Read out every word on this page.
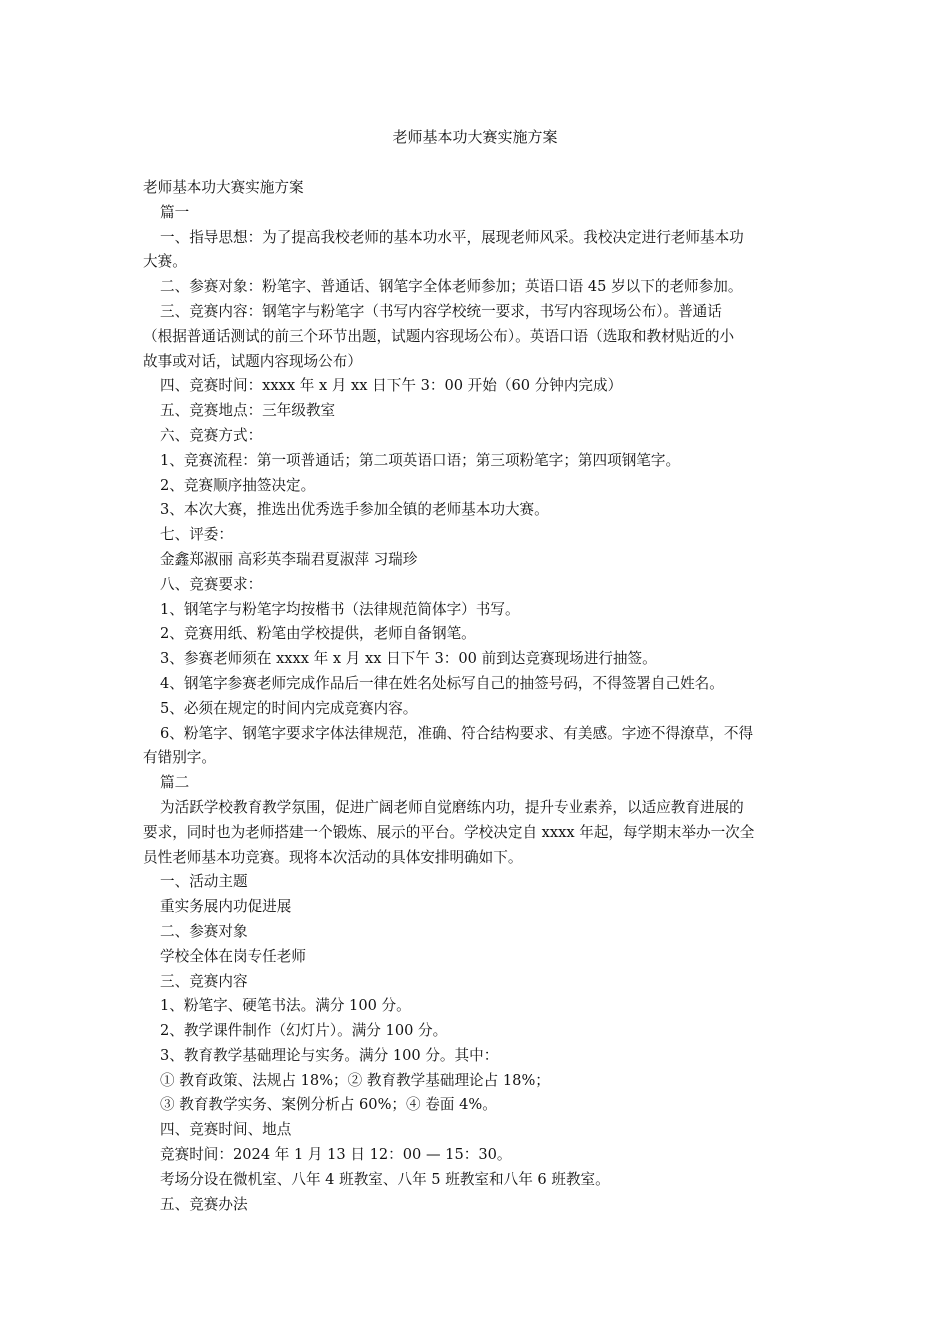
老师基本功大赛实施方案
老师基本功大赛实施方案
篇一
一、指导思想：为了提高我校老师的基本功水平，展现老师风采。我校决定进行老师基本功
大赛。
二、参赛对象：粉笔字、普通话、钢笔字全体老师参加；英语口语 45 岁以下的老师参加。
三、竞赛内容：钢笔字与粉笔字（书写内容学校统一要求，书写内容现场公布）。普通话
（根据普通话测试的前三个环节出题，试题内容现场公布）。英语口语（选取和教材贴近的小
故事或对话，试题内容现场公布）
四、竞赛时间：xxxx 年 x 月 xx 日下午 3：00 开始（60 分钟内完成）
五、竞赛地点：三年级教室
六、竞赛方式：
1、竞赛流程：第一项普通话；第二项英语口语；第三项粉笔字；第四项钢笔字。
2、竞赛顺序抽签决定。
3、本次大赛，推选出优秀选手参加全镇的老师基本功大赛。
七、评委：
金鑫郑淑丽 高彩英李瑞君夏淑萍 习瑞珍
八、竞赛要求：
1、钢笔字与粉笔字均按楷书（法律规范简体字）书写。
2、竞赛用纸、粉笔由学校提供，老师自备钢笔。
3、参赛老师须在 xxxx 年 x 月 xx 日下午 3：00 前到达竞赛现场进行抽签。
4、钢笔字参赛老师完成作品后一律在姓名处标写自己的抽签号码，不得签署自己姓名。
5、必须在规定的时间内完成竞赛内容。
6、粉笔字、钢笔字要求字体法律规范，准确、符合结构要求、有美感。字迹不得潦草，不得
有错别字。
篇二
为活跃学校教育教学氛围，促进广阔老师自觉磨练内功，提升专业素养，以适应教育进展的
要求，同时也为老师搭建一个锻炼、展示的平台。学校决定自 xxxx 年起，每学期末举办一次全
员性老师基本功竞赛。现将本次活动的具体安排明确如下。
一、活动主题
重实务展内功促进展
二、参赛对象
学校全体在岗专任老师
三、竞赛内容
1、粉笔字、硬笔书法。满分 100 分。
2、教学课件制作（幻灯片）。满分 100 分。
3、教育教学基础理论与实务。满分 100 分。其中：
① 教育政策、法规占 18%；② 教育教学基础理论占 18%；
③ 教育教学实务、案例分析占 60%；④ 卷面 4%。
四、竞赛时间、地点
竞赛时间：2024 年 1 月 13 日 12：00 — 15：30。
考场分设在微机室、八年 4 班教室、八年 5 班教室和八年 6 班教室。
五、竞赛办法
